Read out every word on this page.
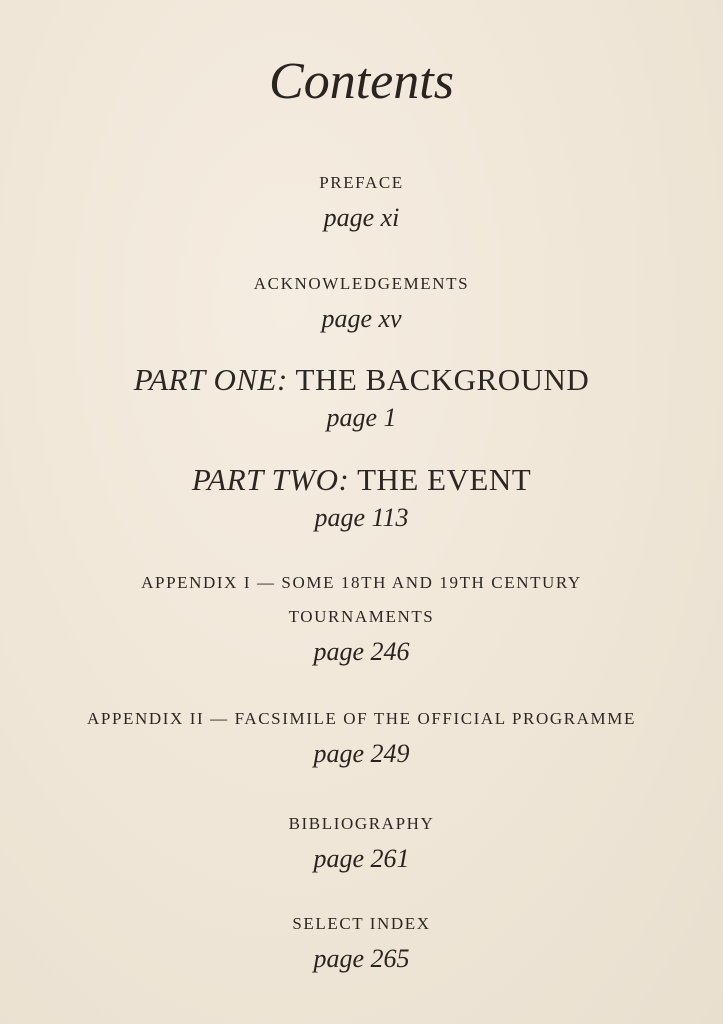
Contents
PREFACE
page xi
ACKNOWLEDGEMENTS
page xv
PART ONE: THE BACKGROUND
page 1
PART TWO: THE EVENT
page 113
APPENDIX I — SOME 18TH AND 19TH CENTURY
TOURNAMENTS
page 246
APPENDIX II — FACSIMILE OF THE OFFICIAL PROGRAMME
page 249
BIBLIOGRAPHY
page 261
SELECT INDEX
page 265
